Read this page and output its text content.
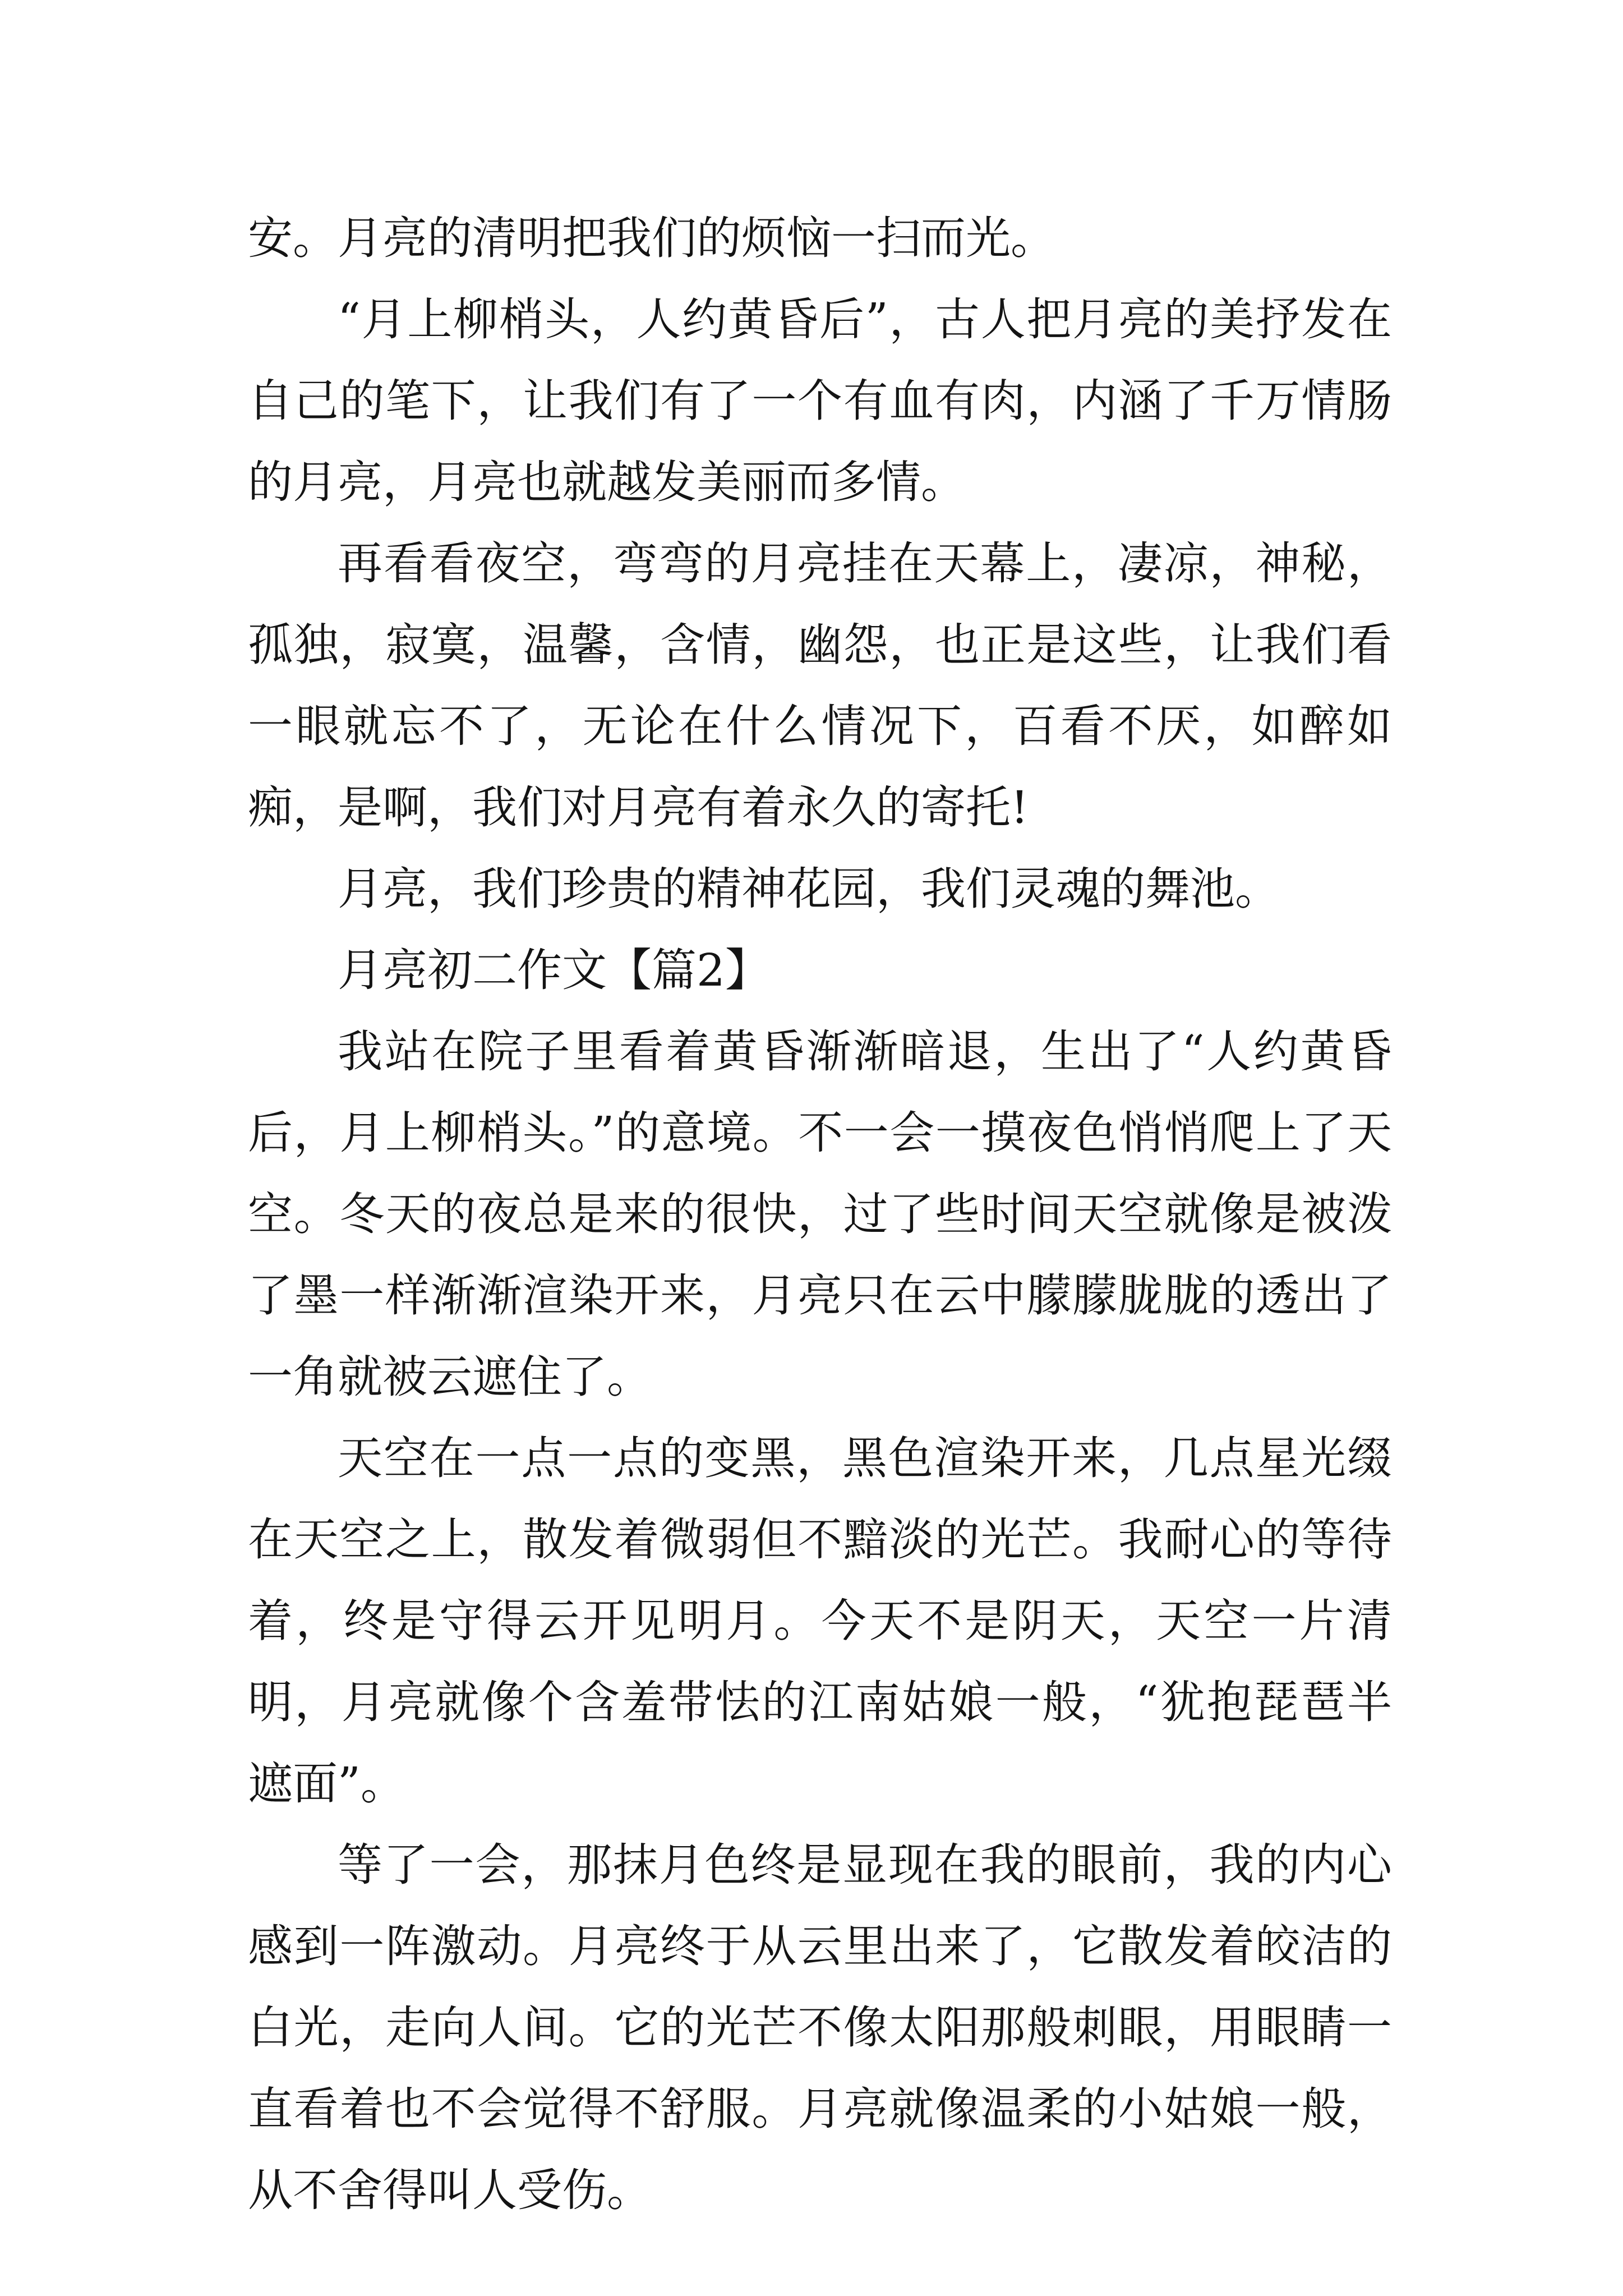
安。月亮的清明把我们的烦恼一扫而光。

“月上柳梢头，人约黄昏后”，古人把月亮的美抒发在自己的笔下，让我们有了一个有血有肉，内涵了千万情肠的月亮，月亮也就越发美丽而多情。

再看看夜空，弯弯的月亮挂在天幕上，凄凉，神秘，孤独，寂寞，温馨，含情，幽怨，也正是这些，让我们看一眼就忘不了，无论在什么情况下，百看不厌，如醉如痴，是啊，我们对月亮有着永久的寄托!

月亮，我们珍贵的精神花园，我们灵魂的舞池。

月亮初二作文【篇2】

我站在院子里看着黄昏渐渐暗退，生出了“人约黄昏后，月上柳梢头。”的意境。不一会一摸夜色悄悄爬上了天空。冬天的夜总是来的很快，过了些时间天空就像是被泼了墨一样渐渐渲染开来，月亮只在云中朦朦胧胧的透出了一角就被云遮住了。

天空在一点一点的变黑，黑色渲染开来，几点星光缀在天空之上，散发着微弱但不黯淡的光芒。我耐心的等待着，终是守得云开见明月。今天不是阴天，天空一片清明，月亮就像个含羞带怯的江南姑娘一般，“犹抱琵琶半遮面”。

等了一会，那抹月色终是显现在我的眼前，我的内心感到一阵激动。月亮终于从云里出来了，它散发着皎洁的白光，走向人间。它的光芒不像太阳那般刺眼，用眼睛一直看着也不会觉得不舒服。月亮就像温柔的小姑娘一般，从不舍得叫人受伤。
